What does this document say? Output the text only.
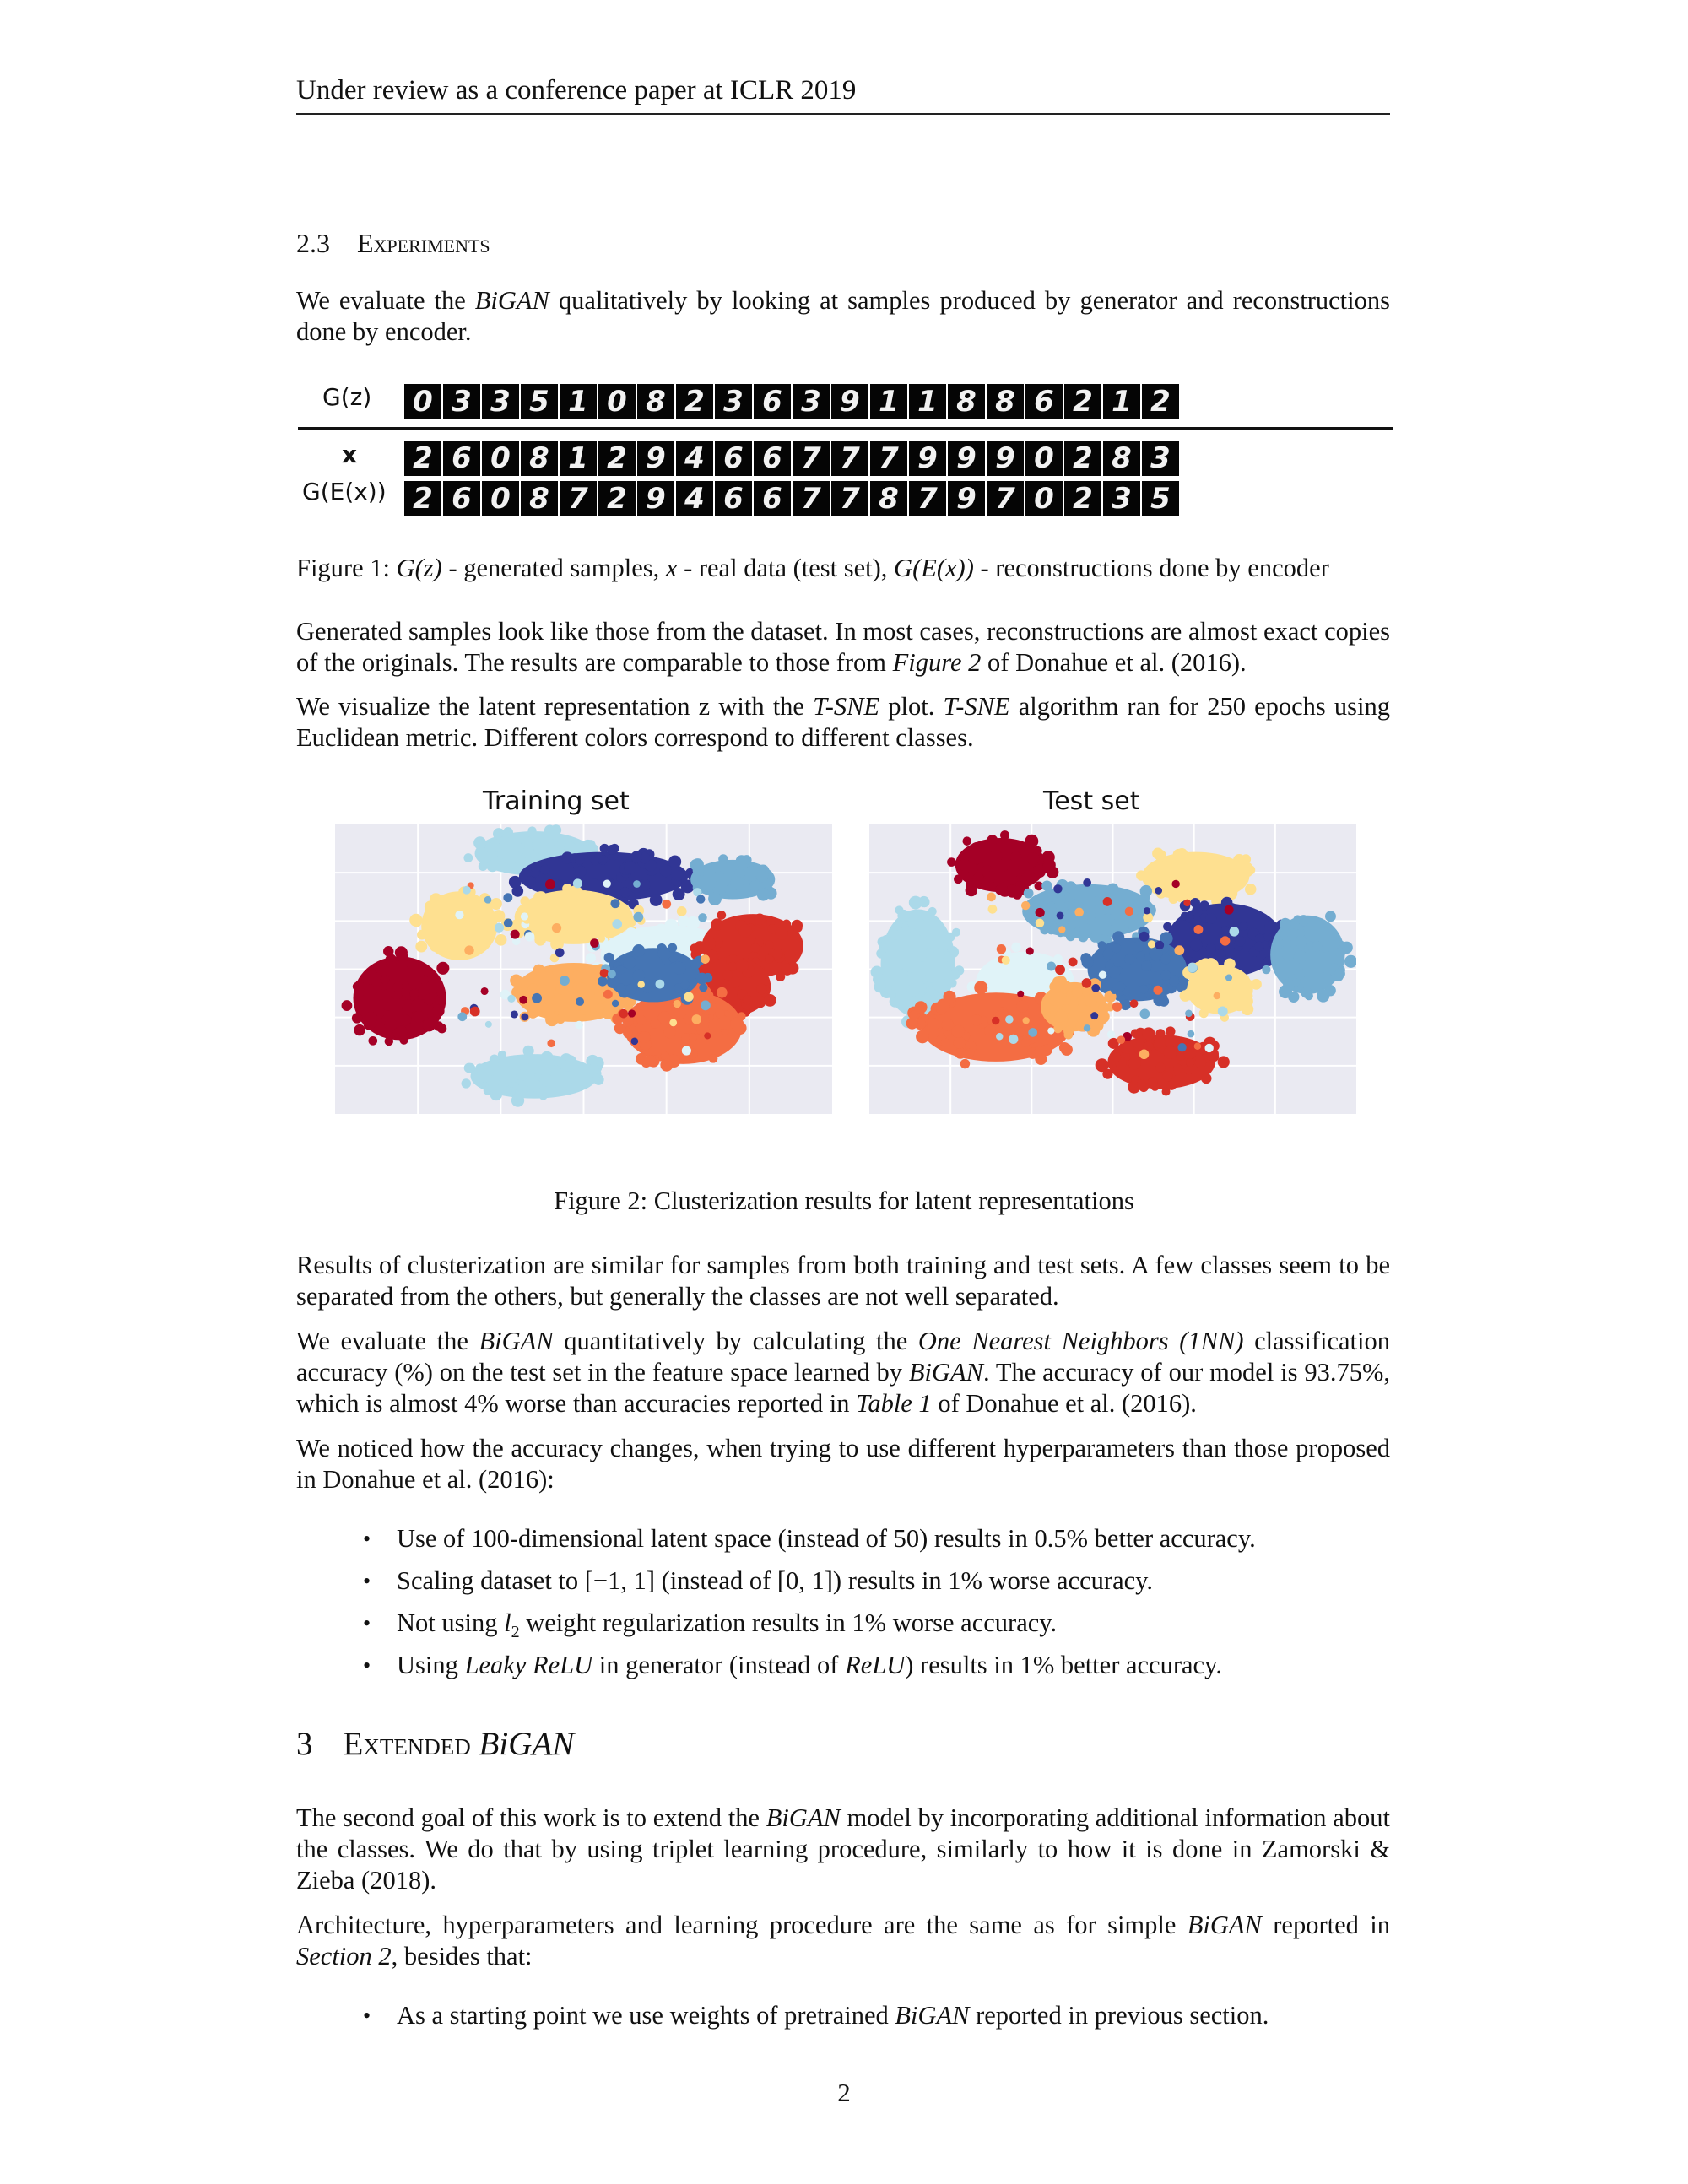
Under review as a conference paper at ICLR 2019
2.3 Experiments
We evaluate the BiGAN qualitatively by looking at samples produced by generator and reconstructions done by encoder.
G(z) 0 3 3 5 1 0 8 2 3 6 3 9 1 1 8 8 6 2 1 2
x 2 6 0 8 1 2 9 4 6 6 7 7 7 9 9 9 0 2 8 3
G(E(x)) 2 6 0 8 7 2 9 4 6 6 7 7 8 7 9 7 0 2 3 5
Figure 1: G(z) - generated samples, x - real data (test set), G(E(x)) - reconstructions done by encoder
Generated samples look like those from the dataset. In most cases, reconstructions are almost exact copies of the originals. The results are comparable to those from Figure 2 of Donahue et al. (2016).
We visualize the latent representation z with the T-SNE plot. T-SNE algorithm ran for 250 epochs using Euclidean metric. Different colors correspond to different classes.
Training set	Test set
Figure 2: Clusterization results for latent representations
Results of clusterization are similar for samples from both training and test sets. A few classes seem to be separated from the others, but generally the classes are not well separated.
We evaluate the BiGAN quantitatively by calculating the One Nearest Neighbors (1NN) classification accuracy (%) on the test set in the feature space learned by BiGAN. The accuracy of our model is 93.75%, which is almost 4% worse than accuracies reported in Table 1 of Donahue et al. (2016).
We noticed how the accuracy changes, when trying to use different hyperparameters than those proposed in Donahue et al. (2016):
•	Use of 100-dimensional latent space (instead of 50) results in 0.5% better accuracy.
•	Scaling dataset to [−1, 1] (instead of [0, 1]) results in 1% worse accuracy.
•	Not using $l_2$ weight regularization results in 1% worse accuracy.
•	Using Leaky ReLU in generator (instead of ReLU) results in 1% better accuracy.
3 Extended BiGAN
The second goal of this work is to extend the BiGAN model by incorporating additional information about the classes. We do that by using triplet learning procedure, similarly to how it is done in Zamorski & Zieba (2018).
Architecture, hyperparameters and learning procedure are the same as for simple BiGAN reported in Section 2, besides that:
•	As a starting point we use weights of pretrained BiGAN reported in previous section.
2
